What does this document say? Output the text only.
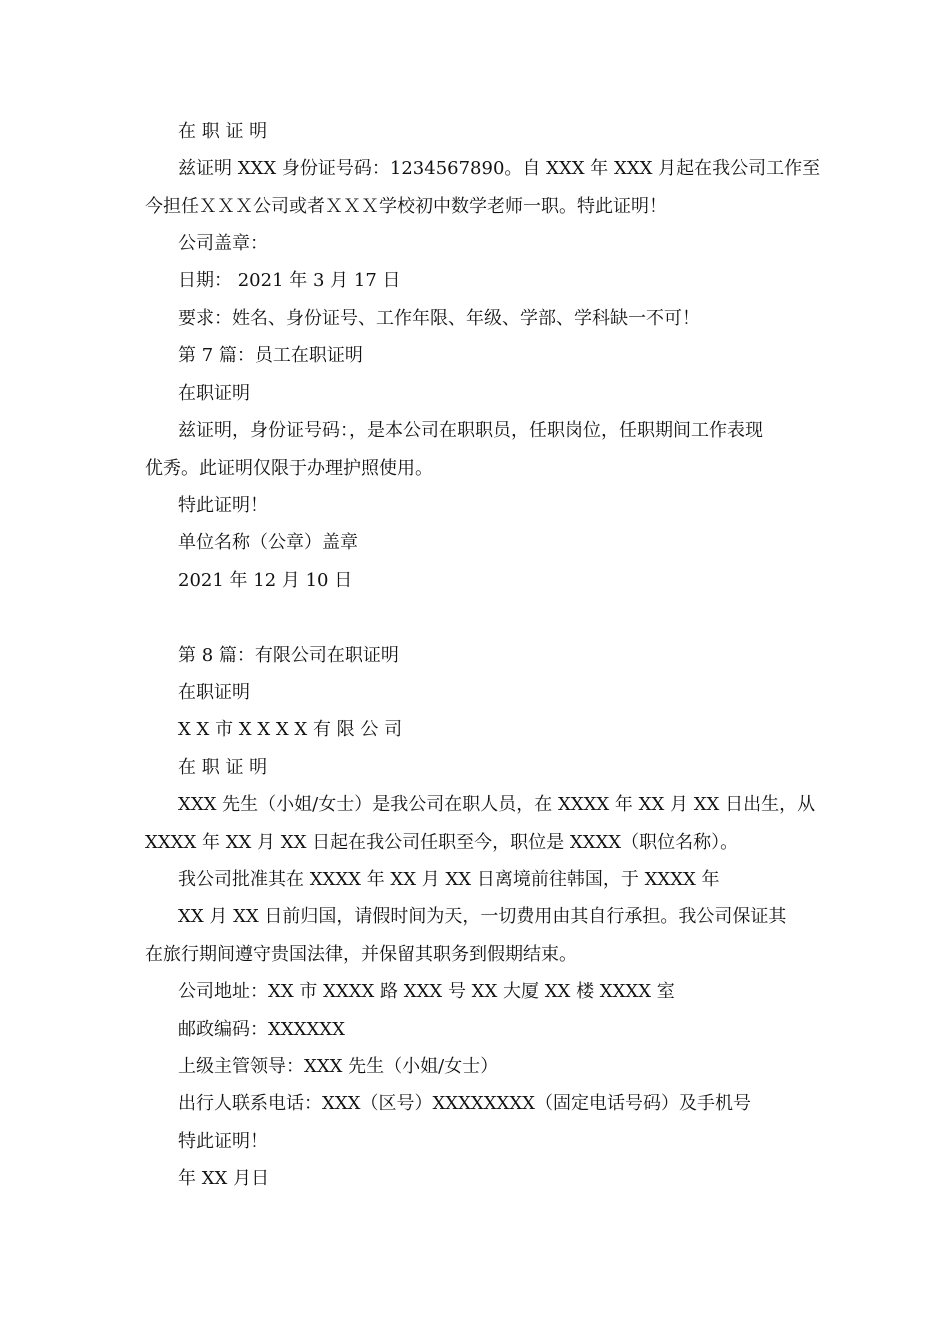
在 职 证 明
兹证明 XXX 身份证号码：1234567890。自 XXX 年 XXX 月起在我公司工作至
今担任ＸＸＸ公司或者ＸＸＸ学校初中数学老师一职。特此证明！
公司盖章：
日期： 2021 年 3 月 17 日
要求：姓名、身份证号、工作年限、年级、学部、学科缺一不可！
第 7 篇：员工在职证明
在职证明
兹证明，身份证号码：，是本公司在职职员，任职岗位，任职期间工作表现
优秀。此证明仅限于办理护照使用。
特此证明！
单位名称（公章）盖章
2021 年 12 月 10 日
第 8 篇：有限公司在职证明
在职证明
X X 市 X X X X 有 限 公 司
在 职 证 明
XXX 先生（小姐/女士）是我公司在职人员，在 XXXX 年 XX 月 XX 日出生，从
XXXX 年 XX 月 XX 日起在我公司任职至今，职位是 XXXX（职位名称）。
我公司批准其在 XXXX 年 XX 月 XX 日离境前往韩国，于 XXXX 年
XX 月 XX 日前归国，请假时间为天，一切费用由其自行承担。我公司保证其
在旅行期间遵守贵国法律，并保留其职务到假期结束。
公司地址：XX 市 XXXX 路 XXX 号 XX 大厦 XX 楼 XXXX 室
邮政编码：XXXXXX
上级主管领导：XXX 先生（小姐/女士）
出行人联系电话：XXX（区号）XXXXXXXX（固定电话号码）及手机号
特此证明！
年 XX 月日
